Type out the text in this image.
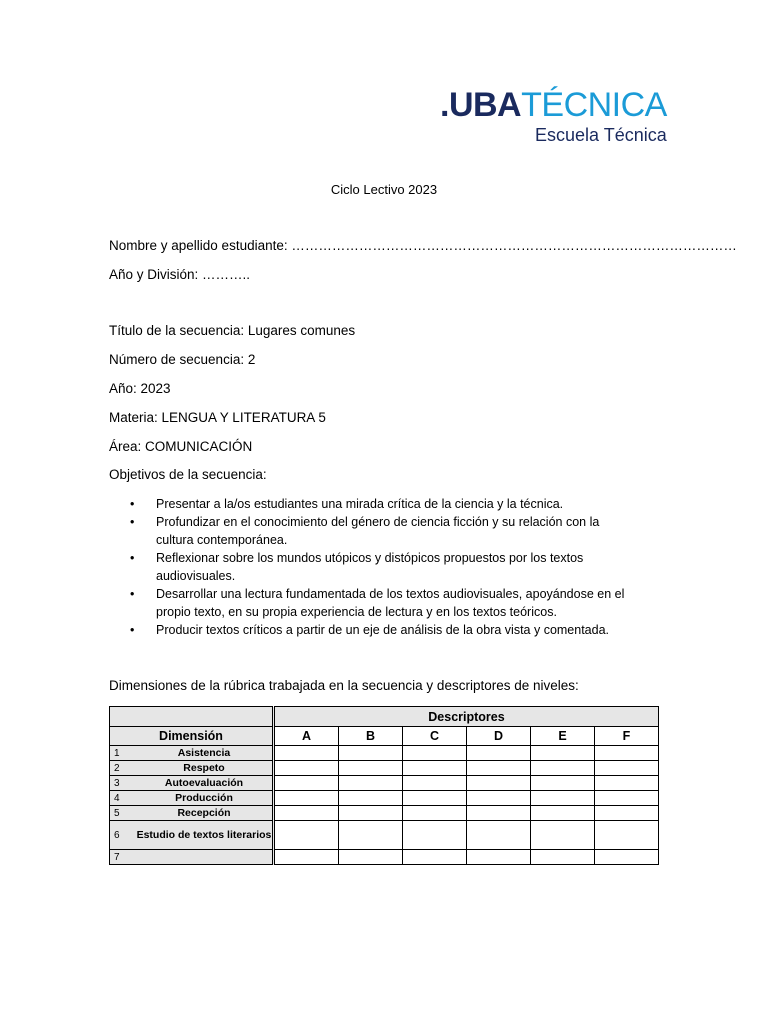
.UBATÉCNICA
Escuela Técnica
Ciclo Lectivo 2023
Nombre y apellido estudiante: ………………………………………………………………………………………
Año y División: ………..
Título de la secuencia: Lugares comunes
Número de secuencia: 2
Año: 2023
Materia: LENGUA Y LITERATURA 5
Área: COMUNICACIÓN
Objetivos de la secuencia:
• Presentar a la/os estudiantes una mirada crítica de la ciencia y la técnica.
• Profundizar en el conocimiento del género de ciencia ficción y su relación con la
cultura contemporánea.
• Reflexionar sobre los mundos utópicos y distópicos propuestos por los textos
audiovisuales.
• Desarrollar una lectura fundamentada de los textos audiovisuales, apoyándose en el
propio texto, en su propia experiencia de lectura y en los textos teóricos.
• Producir textos críticos a partir de un eje de análisis de la obra vista y comentada.
Dimensiones de la rúbrica trabajada en la secuencia y descriptores de niveles:
		Descriptores					
Dimensión		A	B	C	D	E	F
1	Asistencia						
2	Respeto						
3	Autoevaluación						
4	Producción						
5	Recepción						
6	Estudio de textos literarios						
7							
